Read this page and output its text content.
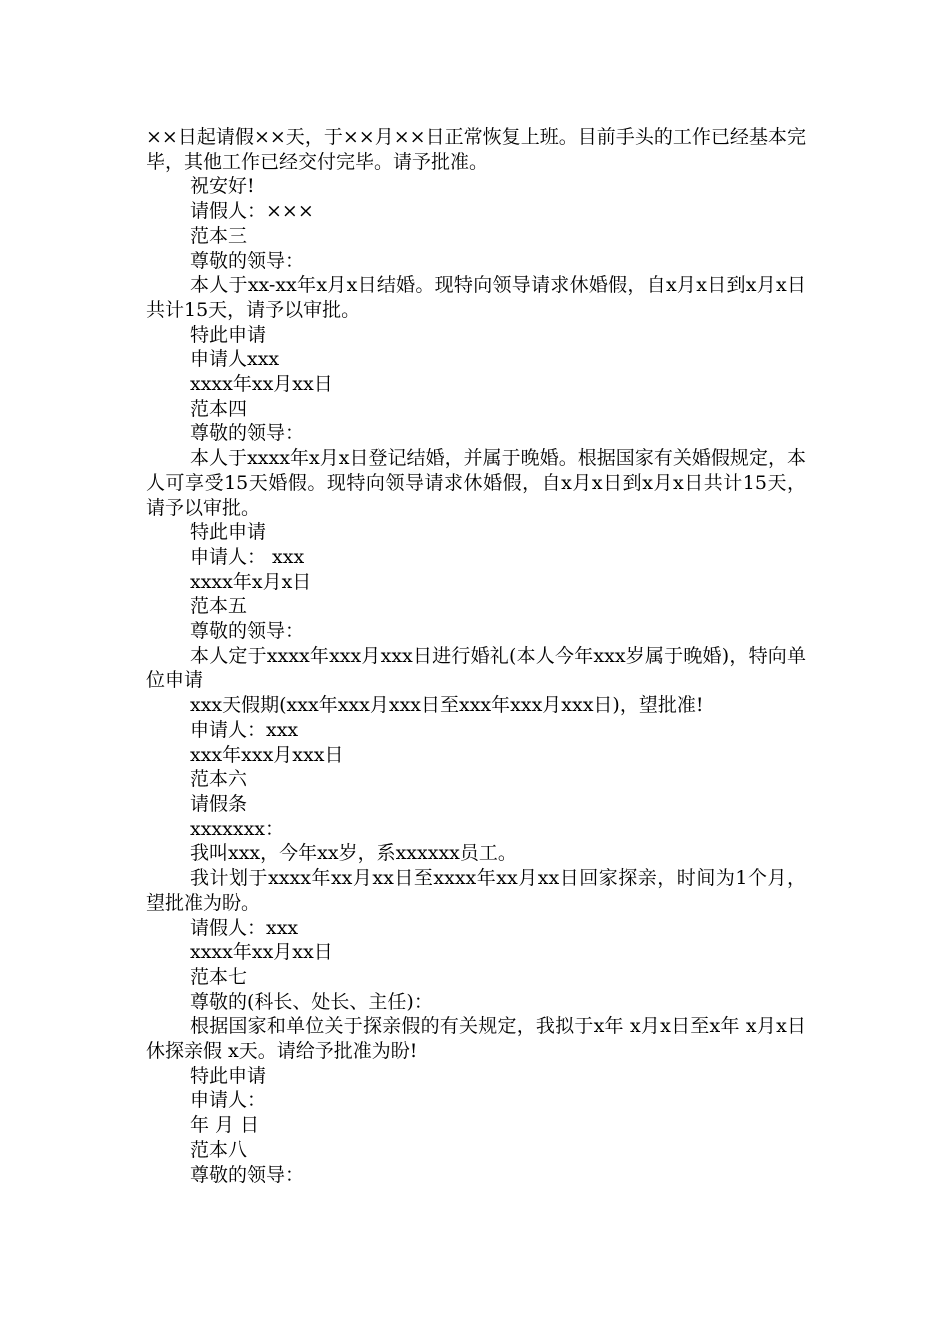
××日起请假××天，于××月××日正常恢复上班。目前手头的工作已经基本完毕，其他工作已经交付完毕。请予批准。

祝安好!

请假人：×××

范本三

尊敬的领导：

本人于xx-xx年x月x日结婚。现特向领导请求休婚假，自x月x日到x月x日共计15天，请予以审批。

特此申请

申请人xxx

xxxx年xx月xx日

范本四

尊敬的领导：

本人于xxxx年x月x日登记结婚，并属于晚婚。根据国家有关婚假规定，本人可享受15天婚假。现特向领导请求休婚假，自x月x日到x月x日共计15天，请予以审批。

特此申请

申请人： xxx

xxxx年x月x日

范本五

尊敬的领导：

本人定于xxxx年xxx月xxx日进行婚礼(本人今年xxx岁属于晚婚)，特向单位申请

xxx天假期(xxx年xxx月xxx日至xxx年xxx月xxx日)，望批准!

申请人：xxx

xxx年xxx月xxx日

范本六

请假条

xxxxxxx：

我叫xxx，今年xx岁，系xxxxxx员工。

我计划于xxxx年xx月xx日至xxxx年xx月xx日回家探亲，时间为1个月，望批准为盼。

请假人：xxx

xxxx年xx月xx日

范本七

尊敬的(科长、处长、主任)：

根据国家和单位关于探亲假的有关规定，我拟于x年 x月x日至x年 x月x日休探亲假 x天。请给予批准为盼!

特此申请

申请人：

年 月 日

范本八

尊敬的领导：
